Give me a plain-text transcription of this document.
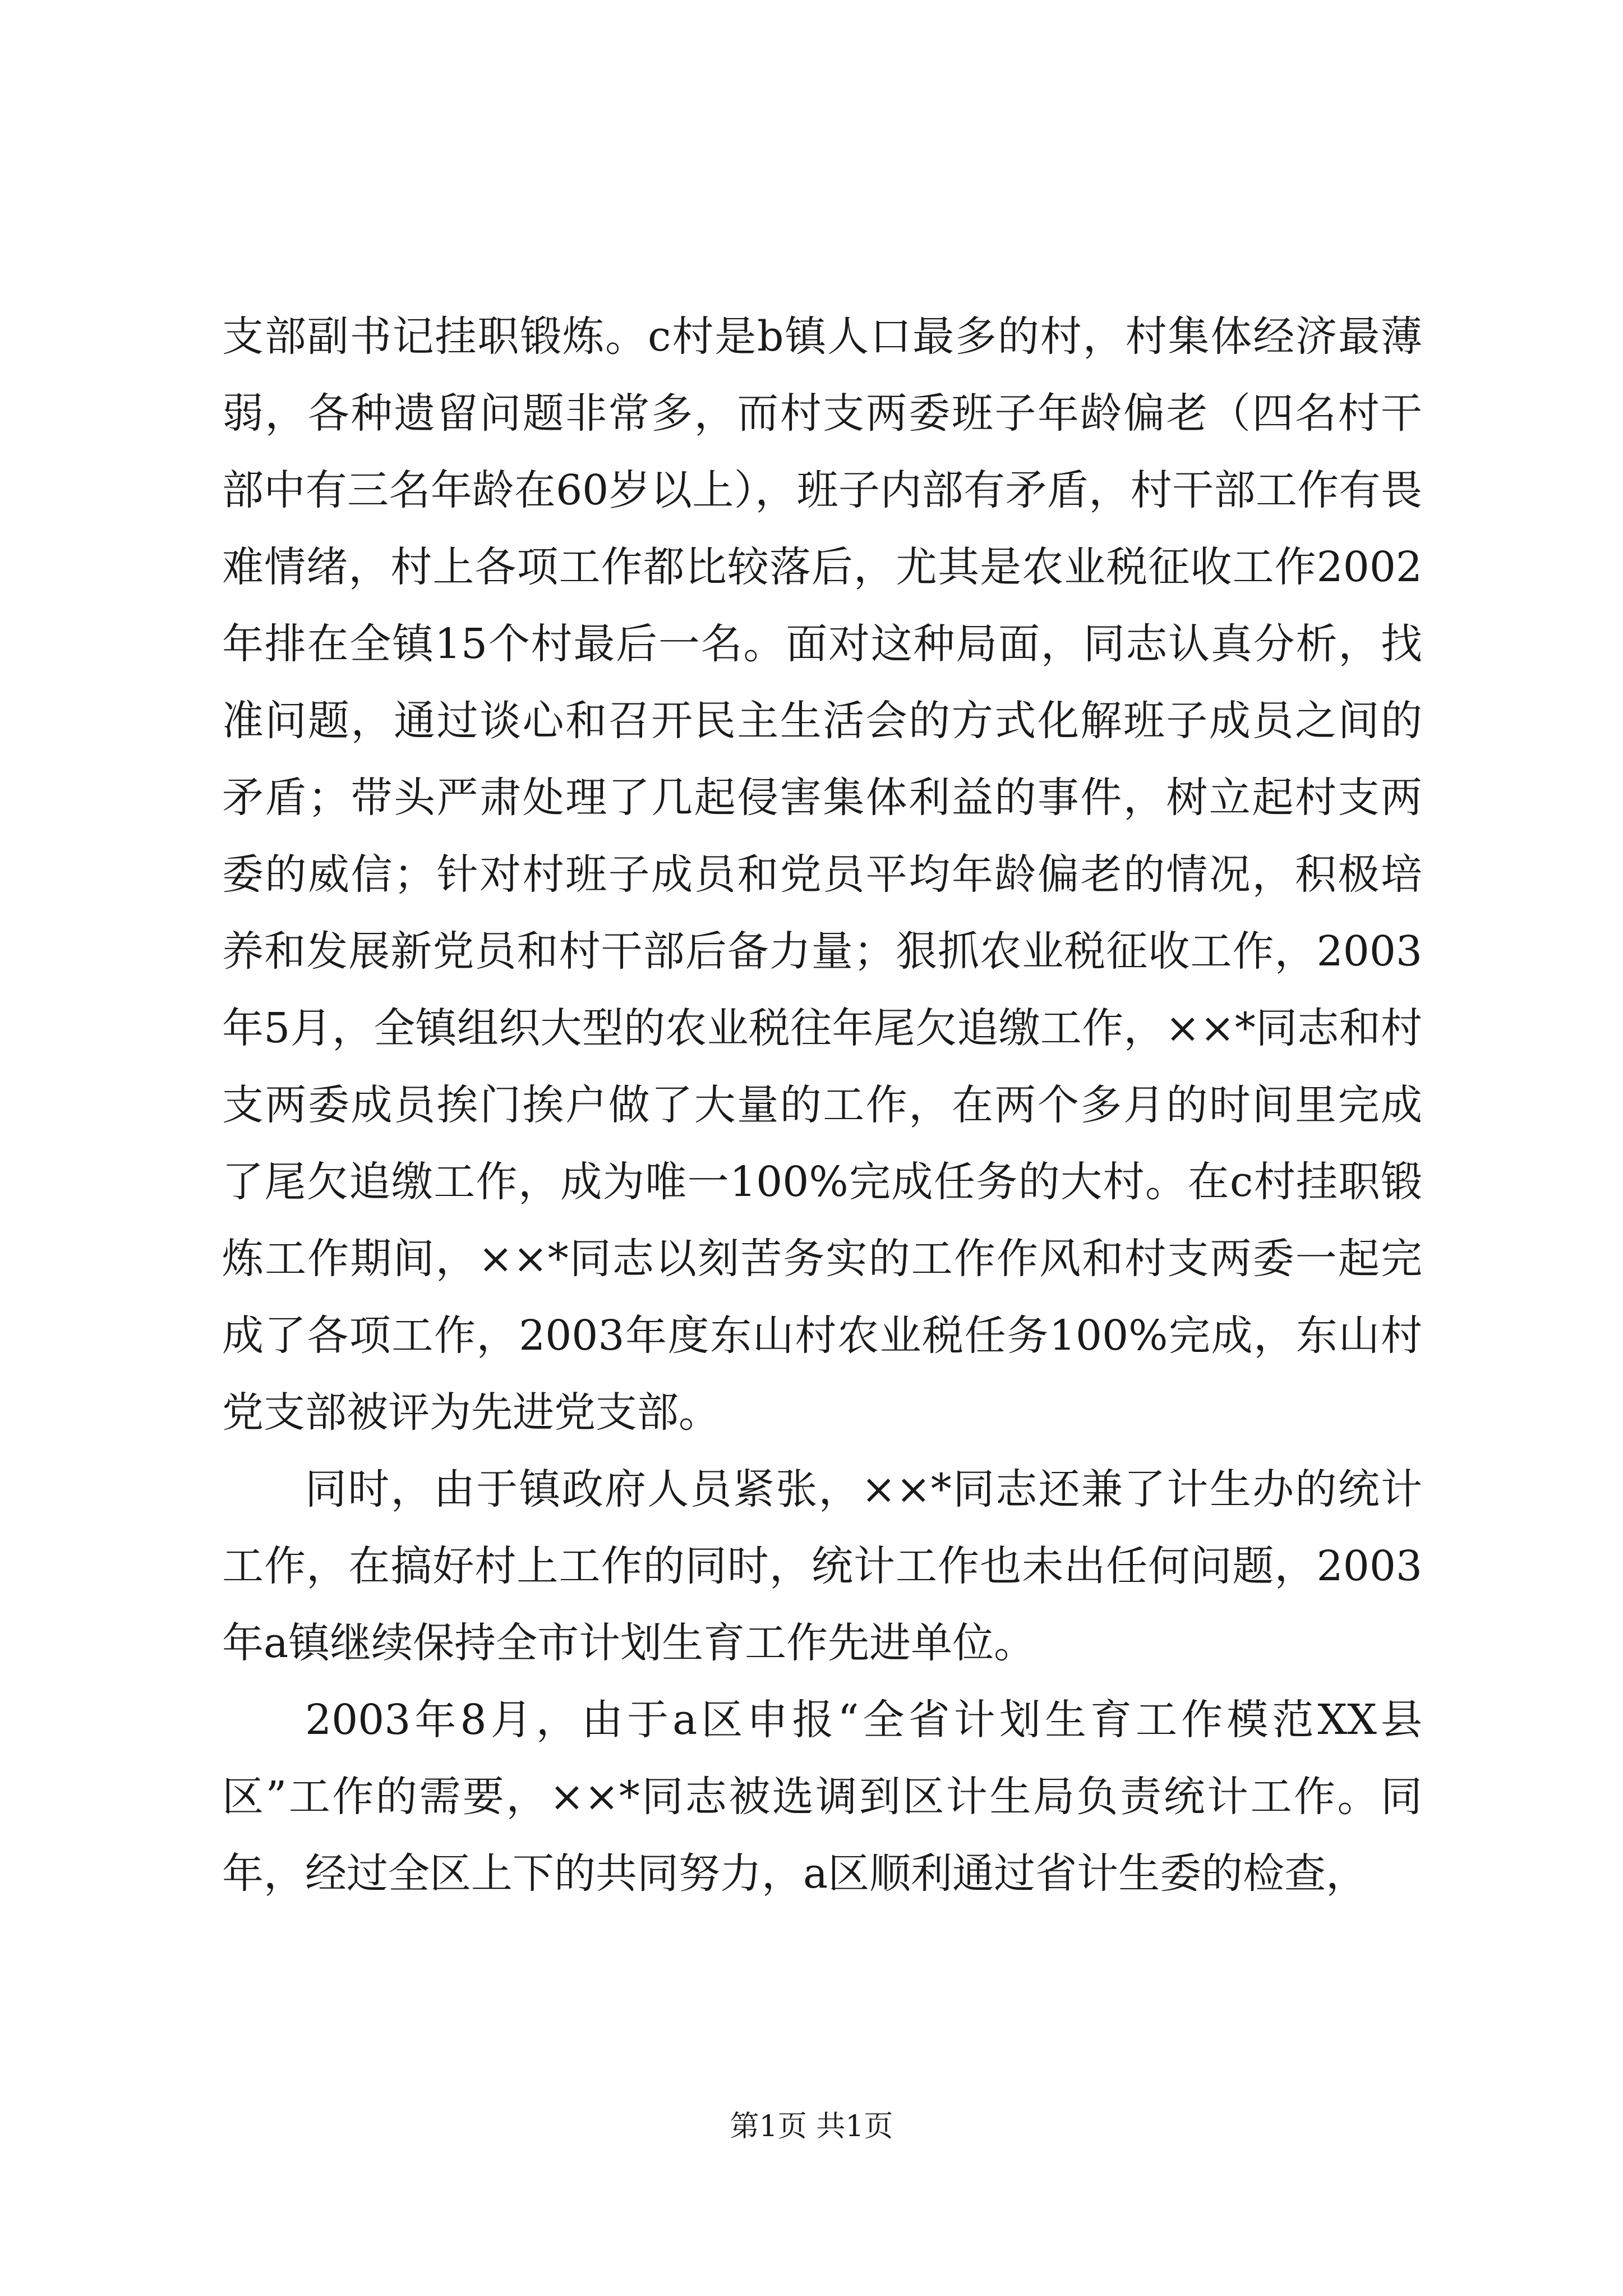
支部副书记挂职锻炼。c村是b镇人口最多的村，村集体经济最薄弱，各种遗留问题非常多，而村支两委班子年龄偏老（四名村干部中有三名年龄在60岁以上），班子内部有矛盾，村干部工作有畏难情绪，村上各项工作都比较落后，尤其是农业税征收工作2002年排在全镇15个村最后一名。面对这种局面，同志认真分析，找准问题，通过谈心和召开民主生活会的方式化解班子成员之间的矛盾；带头严肃处理了几起侵害集体利益的事件，树立起村支两委的威信；针对村班子成员和党员平均年龄偏老的情况，积极培养和发展新党员和村干部后备力量；狠抓农业税征收工作，2003年5月，全镇组织大型的农业税往年尾欠追缴工作，××*同志和村支两委成员挨门挨户做了大量的工作，在两个多月的时间里完成了尾欠追缴工作，成为唯一100%完成任务的大村。在c村挂职锻炼工作期间，××*同志以刻苦务实的工作作风和村支两委一起完成了各项工作，2003年度东山村农业税任务100%完成，东山村党支部被评为先进党支部。

同时，由于镇政府人员紧张，××*同志还兼了计生办的统计工作，在搞好村上工作的同时，统计工作也未出任何问题，2003年a镇继续保持全市计划生育工作先进单位。

2003年8月，由于a区申报“全省计划生育工作模范XX县区”工作的需要，××*同志被选调到区计生局负责统计工作。同年，经过全区上下的共同努力，a区顺利通过省计生委的检查，

第1页 共1页
